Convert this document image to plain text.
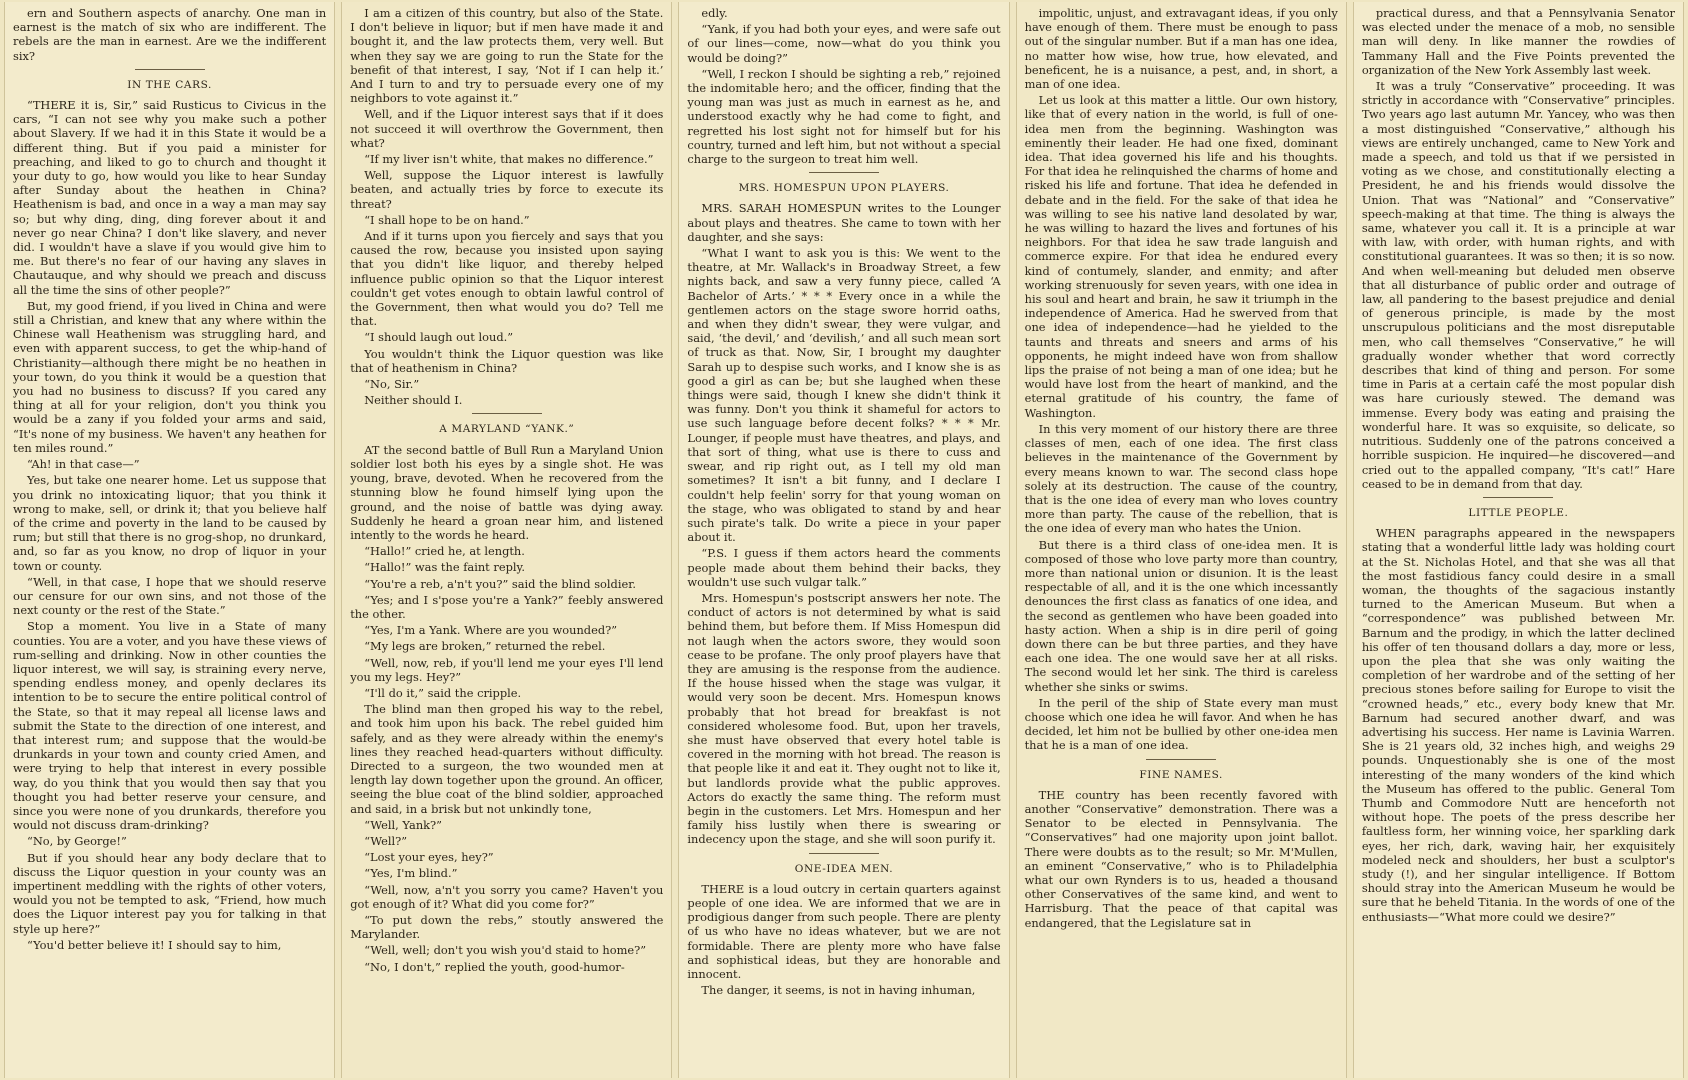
ern and Southern aspects of anarchy. One man in earnest is the match of six who are indifferent. The rebels are the man in earnest. Are we the indifferent six?

IN THE CARS.

“THERE it is, Sir,” said Rusticus to Civicus in the cars, “I can not see why you make such a pother about Slavery. If we had it in this State it would be a different thing. But if you paid a minister for preaching, and liked to go to church and thought it your duty to go, how would you like to hear Sunday after Sunday about the heathen in China? Heathenism is bad, and once in a way a man may say so; but why ding, ding, ding forever about it and never go near China? I don't like slavery, and never did. I wouldn't have a slave if you would give him to me. But there's no fear of our having any slaves in Chautauque, and why should we preach and discuss all the time the sins of other people?”

But, my good friend, if you lived in China and were still a Christian, and knew that any where within the Chinese wall Heathenism was struggling hard, and even with apparent success, to get the whip-hand of Christianity—although there might be no heathen in your town, do you think it would be a question that you had no business to discuss? If you cared any thing at all for your religion, don't you think you would be a zany if you folded your arms and said, “It's none of my business. We haven't any heathen for ten miles round.”

“Ah! in that case—”

Yes, but take one nearer home. Let us suppose that you drink no intoxicating liquor; that you think it wrong to make, sell, or drink it; that you believe half of the crime and poverty in the land to be caused by rum; but still that there is no grog-shop, no drunkard, and, so far as you know, no drop of liquor in your town or county.

“Well, in that case, I hope that we should reserve our censure for our own sins, and not those of the next county or the rest of the State.”

Stop a moment. You live in a State of many counties. You are a voter, and you have these views of rum-selling and drinking. Now in other counties the liquor interest, we will say, is straining every nerve, spending endless money, and openly declares its intention to be to secure the entire political control of the State, so that it may repeal all license laws and submit the State to the direction of one interest, and that interest rum; and suppose that the would-be drunkards in your town and county cried Amen, and were trying to help that interest in every possible way, do you think that you would then say that you thought you had better reserve your censure, and since you were none of you drunkards, therefore you would not discuss dram-drinking?

“No, by George!”

But if you should hear any body declare that to discuss the Liquor question in your county was an impertinent meddling with the rights of other voters, would you not be tempted to ask, “Friend, how much does the Liquor interest pay you for talking in that style up here?”

“You'd better believe it! I should say to him,

I am a citizen of this country, but also of the State. I don't believe in liquor; but if men have made it and bought it, and the law protects them, very well. But when they say we are going to run the State for the benefit of that interest, I say, ‘Not if I can help it.’ And I turn to and try to persuade every one of my neighbors to vote against it.”

Well, and if the Liquor interest says that if it does not succeed it will overthrow the Government, then what?

“If my liver isn't white, that makes no difference.”

Well, suppose the Liquor interest is lawfully beaten, and actually tries by force to execute its threat?

“I shall hope to be on hand.”

And if it turns upon you fiercely and says that you caused the row, because you insisted upon saying that you didn't like liquor, and thereby helped influence public opinion so that the Liquor interest couldn't get votes enough to obtain lawful control of the Government, then what would you do? Tell me that.

“I should laugh out loud.”

You wouldn't think the Liquor question was like that of heathenism in China?

“No, Sir.”

Neither should I.

A MARYLAND “YANK.”

AT the second battle of Bull Run a Maryland Union soldier lost both his eyes by a single shot. He was young, brave, devoted. When he recovered from the stunning blow he found himself lying upon the ground, and the noise of battle was dying away. Suddenly he heard a groan near him, and listened intently to the words he heard.

“Hallo!” cried he, at length.

“Hallo!” was the faint reply.

“You're a reb, a'n't you?” said the blind soldier.

“Yes; and I s'pose you're a Yank?” feebly answered the other.

“Yes, I'm a Yank. Where are you wounded?”

“My legs are broken,” returned the rebel.

“Well, now, reb, if you'll lend me your eyes I'll lend you my legs. Hey?”

“I'll do it,” said the cripple.

The blind man then groped his way to the rebel, and took him upon his back. The rebel guided him safely, and as they were already within the enemy's lines they reached head-quarters without difficulty. Directed to a surgeon, the two wounded men at length lay down together upon the ground. An officer, seeing the blue coat of the blind soldier, approached and said, in a brisk but not unkindly tone,

“Well, Yank?”

“Well?”

“Lost your eyes, hey?”

“Yes, I'm blind.”

“Well, now, a'n't you sorry you came? Haven't you got enough of it? What did you come for?”

“To put down the rebs,” stoutly answered the Marylander.

“Well, well; don't you wish you'd staid to home?”

“No, I don't,” replied the youth, good-humor-

edly.

“Yank, if you had both your eyes, and were safe out of our lines—come, now—what do you think you would be doing?”

“Well, I reckon I should be sighting a reb,” rejoined the indomitable hero; and the officer, finding that the young man was just as much in earnest as he, and understood exactly why he had come to fight, and regretted his lost sight not for himself but for his country, turned and left him, but not without a special charge to the surgeon to treat him well.

MRS. HOMESPUN UPON PLAYERS.

MRS. SARAH HOMESPUN writes to the Lounger about plays and theatres. She came to town with her daughter, and she says:

“What I want to ask you is this: We went to the theatre, at Mr. Wallack's in Broadway Street, a few nights back, and saw a very funny piece, called ‘A Bachelor of Arts.’ * * * Every once in a while the gentlemen actors on the stage swore horrid oaths, and when they didn't swear, they were vulgar, and said, ‘the devil,’ and ‘devilish,’ and all such mean sort of truck as that. Now, Sir, I brought my daughter Sarah up to despise such works, and I know she is as good a girl as can be; but she laughed when these things were said, though I knew she didn't think it was funny. Don't you think it shameful for actors to use such language before decent folks? * * * Mr. Lounger, if people must have theatres, and plays, and that sort of thing, what use is there to cuss and swear, and rip right out, as I tell my old man sometimes? It isn't a bit funny, and I declare I couldn't help feelin' sorry for that young woman on the stage, who was obligated to stand by and hear such pirate's talk. Do write a piece in your paper about it.

“P.S. I guess if them actors heard the comments people made about them behind their backs, they wouldn't use such vulgar talk.”

Mrs. Homespun's postscript answers her note. The conduct of actors is not determined by what is said behind them, but before them. If Miss Homespun did not laugh when the actors swore, they would soon cease to be profane. The only proof players have that they are amusing is the response from the audience. If the house hissed when the stage was vulgar, it would very soon be decent. Mrs. Homespun knows probably that hot bread for breakfast is not considered wholesome food. But, upon her travels, she must have observed that every hotel table is covered in the morning with hot bread. The reason is that people like it and eat it. They ought not to like it, but landlords provide what the public approves. Actors do exactly the same thing. The reform must begin in the customers. Let Mrs. Homespun and her family hiss lustily when there is swearing or indecency upon the stage, and she will soon purify it.

ONE-IDEA MEN.

THERE is a loud outcry in certain quarters against people of one idea. We are informed that we are in prodigious danger from such people. There are plenty of us who have no ideas whatever, but we are not formidable. There are plenty more who have false and sophistical ideas, but they are honorable and innocent.

The danger, it seems, is not in having inhuman,

impolitic, unjust, and extravagant ideas, if you only have enough of them. There must be enough to pass out of the singular number. But if a man has one idea, no matter how wise, how true, how elevated, and beneficent, he is a nuisance, a pest, and, in short, a man of one idea.

Let us look at this matter a little. Our own history, like that of every nation in the world, is full of one-idea men from the beginning. Washington was eminently their leader. He had one fixed, dominant idea. That idea governed his life and his thoughts. For that idea he relinquished the charms of home and risked his life and fortune. That idea he defended in debate and in the field. For the sake of that idea he was willing to see his native land desolated by war, he was willing to hazard the lives and fortunes of his neighbors. For that idea he saw trade languish and commerce expire. For that idea he endured every kind of contumely, slander, and enmity; and after working strenuously for seven years, with one idea in his soul and heart and brain, he saw it triumph in the independence of America. Had he swerved from that one idea of independence—had he yielded to the taunts and threats and sneers and arms of his opponents, he might indeed have won from shallow lips the praise of not being a man of one idea; but he would have lost from the heart of mankind, and the eternal gratitude of his country, the fame of Washington.

In this very moment of our history there are three classes of men, each of one idea. The first class believes in the maintenance of the Government by every means known to war. The second class hope solely at its destruction. The cause of the country, that is the one idea of every man who loves country more than party. The cause of the rebellion, that is the one idea of every man who hates the Union.

But there is a third class of one-idea men. It is composed of those who love party more than country, more than national union or disunion. It is the least respectable of all, and it is the one which incessantly denounces the first class as fanatics of one idea, and the second as gentlemen who have been goaded into hasty action. When a ship is in dire peril of going down there can be but three parties, and they have each one idea. The one would save her at all risks. The second would let her sink. The third is careless whether she sinks or swims.

In the peril of the ship of State every man must choose which one idea he will favor. And when he has decided, let him not be bullied by other one-idea men that he is a man of one idea.

FINE NAMES.

THE country has been recently favored with another “Conservative” demonstration. There was a Senator to be elected in Pennsylvania. The “Conservatives” had one majority upon joint ballot. There were doubts as to the result; so Mr. M'Mullen, an eminent “Conservative,” who is to Philadelphia what our own Rynders is to us, headed a thousand other Conservatives of the same kind, and went to Harrisburg. That the peace of that capital was endangered, that the Legislature sat in

practical duress, and that a Pennsylvania Senator was elected under the menace of a mob, no sensible man will deny. In like manner the rowdies of Tammany Hall and the Five Points prevented the organization of the New York Assembly last week.

It was a truly “Conservative” proceeding. It was strictly in accordance with “Conservative” principles. Two years ago last autumn Mr. Yancey, who was then a most distinguished “Conservative,” although his views are entirely unchanged, came to New York and made a speech, and told us that if we persisted in voting as we chose, and constitutionally electing a President, he and his friends would dissolve the Union. That was “National” and “Conservative” speech-making at that time. The thing is always the same, whatever you call it. It is a principle at war with law, with order, with human rights, and with constitutional guarantees. It was so then; it is so now. And when well-meaning but deluded men observe that all disturbance of public order and outrage of law, all pandering to the basest prejudice and denial of generous principle, is made by the most unscrupulous politicians and the most disreputable men, who call themselves “Conservative,” he will gradually wonder whether that word correctly describes that kind of thing and person. For some time in Paris at a certain café the most popular dish was hare curiously stewed. The demand was immense. Every body was eating and praising the wonderful hare. It was so exquisite, so delicate, so nutritious. Suddenly one of the patrons conceived a horrible suspicion. He inquired—he discovered—and cried out to the appalled company, “It's cat!” Hare ceased to be in demand from that day.

LITTLE PEOPLE.

WHEN paragraphs appeared in the newspapers stating that a wonderful little lady was holding court at the St. Nicholas Hotel, and that she was all that the most fastidious fancy could desire in a small woman, the thoughts of the sagacious instantly turned to the American Museum. But when a “correspondence” was published between Mr. Barnum and the prodigy, in which the latter declined his offer of ten thousand dollars a day, more or less, upon the plea that she was only waiting the completion of her wardrobe and of the setting of her precious stones before sailing for Europe to visit the “crowned heads,” etc., every body knew that Mr. Barnum had secured another dwarf, and was advertising his success. Her name is Lavinia Warren. She is 21 years old, 32 inches high, and weighs 29 pounds. Unquestionably she is one of the most interesting of the many wonders of the kind which the Museum has offered to the public. General Tom Thumb and Commodore Nutt are henceforth not without hope. The poets of the press describe her faultless form, her winning voice, her sparkling dark eyes, her rich, dark, waving hair, her exquisitely modeled neck and shoulders, her bust a sculptor's study (!), and her singular intelligence. If Bottom should stray into the American Museum he would be sure that he beheld Titania. In the words of one of the enthusiasts—“What more could we desire?”
